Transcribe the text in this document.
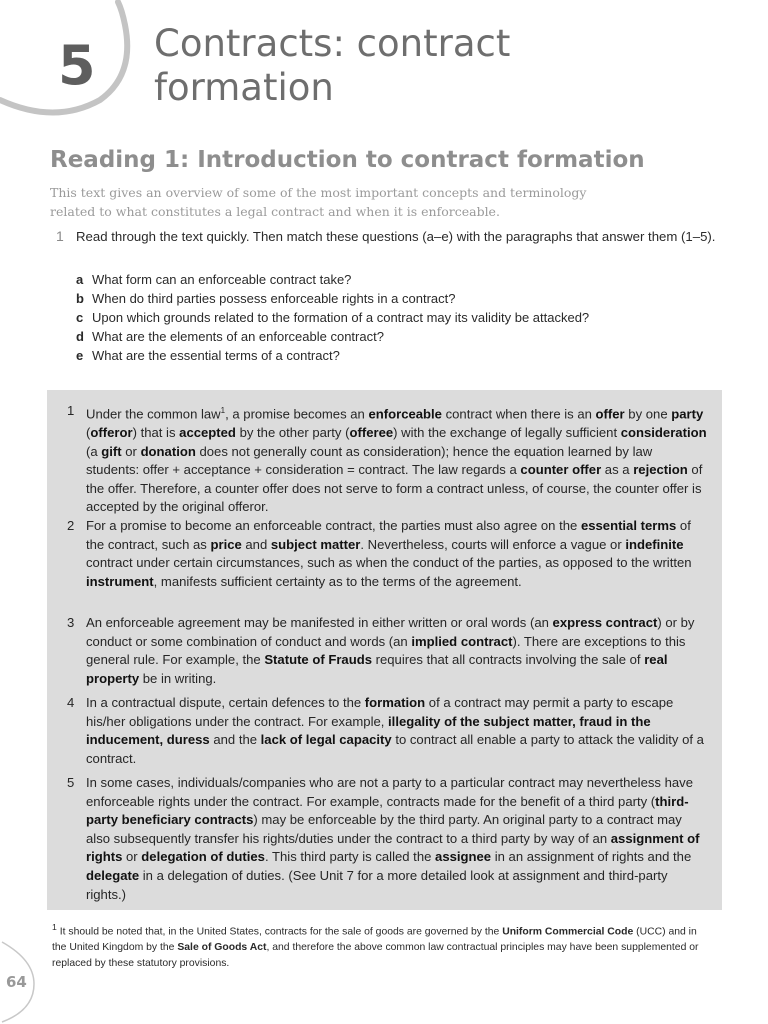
5 Contracts: contract
formation
Reading 1: Introduction to contract formation
This text gives an overview of some of the most important concepts and terminology
related to what constitutes a legal contract and when it is enforceable.
1 Read through the text quickly. Then match these questions (a–e) with the paragraphs that answer them (1–5).
a What form can an enforceable contract take?
b When do third parties possess enforceable rights in a contract?
c Upon which grounds related to the formation of a contract may its validity be attacked?
d What are the elements of an enforceable contract?
e What are the essential terms of a contract?
1 Under the common law$^1$, a promise becomes an enforceable contract when there is an offer by one party (offeror) that is accepted by the other party (offeree) with the exchange of legally sufficient consideration (a gift or donation does not generally count as consideration); hence the equation learned by law students: offer + acceptance + consideration = contract. The law regards a counter offer as a rejection of the offer. Therefore, a counter offer does not serve to form a contract unless, of course, the counter offer is accepted by the original offeror.
2 For a promise to become an enforceable contract, the parties must also agree on the essential terms of the contract, such as price and subject matter. Nevertheless, courts will enforce a vague or indefinite contract under certain circumstances, such as when the conduct of the parties, as opposed to the written instrument, manifests sufficient certainty as to the terms of the agreement.
3 An enforceable agreement may be manifested in either written or oral words (an express contract) or by conduct or some combination of conduct and words (an implied contract). There are exceptions to this general rule. For example, the Statute of Frauds requires that all contracts involving the sale of real property be in writing.
4 In a contractual dispute, certain defences to the formation of a contract may permit a party to escape his/her obligations under the contract. For example, illegality of the subject matter, fraud in the inducement, duress and the lack of legal capacity to contract all enable a party to attack the validity of a contract.
5 In some cases, individuals/companies who are not a party to a particular contract may nevertheless have enforceable rights under the contract. For example, contracts made for the benefit of a third party (third-party beneficiary contracts) may be enforceable by the third party. An original party to a contract may also subsequently transfer his rights/duties under the contract to a third party by way of an assignment of rights or delegation of duties. This third party is called the assignee in an assignment of rights and the delegate in a delegation of duties. (See Unit 7 for a more detailed look at assignment and third-party rights.)
$^1$ It should be noted that, in the United States, contracts for the sale of goods are governed by the Uniform Commercial Code (UCC) and in the United Kingdom by the Sale of Goods Act, and therefore the above common law contractual principles may have been supplemented or replaced by these statutory provisions.
64
